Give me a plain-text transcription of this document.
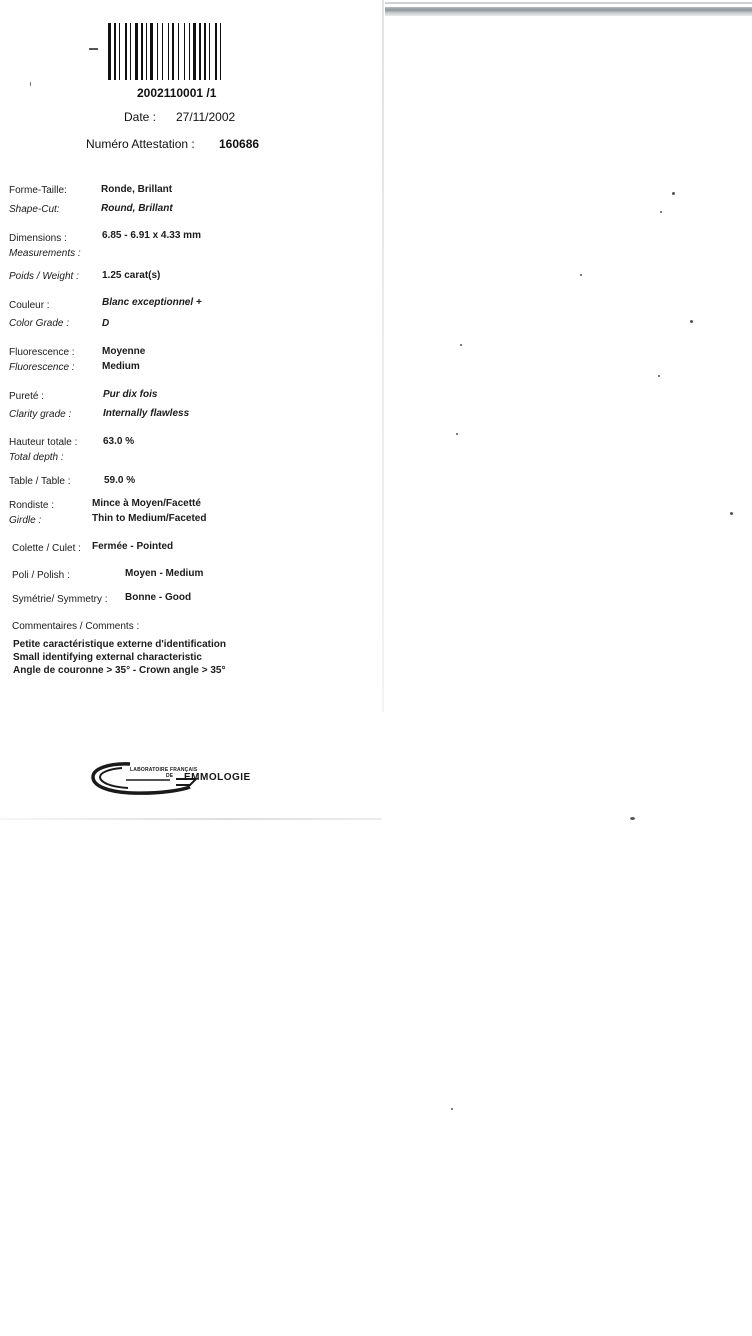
2002110001 /1
Date : 27/11/2002
Numéro Attestation : 160686
Forme-Taille:
Shape-Cut:
Ronde, Brillant
Round, Brillant
Dimensions :
Measurements :
6.85 - 6.91 x 4.33 mm
Poids / Weight : 1.25 carat(s)
Couleur :
Color Grade :
Blanc exceptionnel +
D
Fluorescence :
Fluorescence :
Moyenne
Medium
Pureté :
Clarity grade :
Pur dix fois
Internally flawless
Hauteur totale :
Total depth :
63.0 %
Table / Table :	59.0 %
Rondiste :
Girdle :
Mince à Moyen/Facetté
Thin to Medium/Faceted
Colette / Culet : Fermée - Pointed
Poli / Polish :	Moyen - Medium
Symétrie/ Symmetry : Bonne - Good
Commentaires / Comments :
Petite caractéristique externe d'identification
Small identifying external characteristic
Angle de couronne > 35° - Crown angle > 35°
LABORATOIRE FRANÇAIS
DE EMMOLOGIE
